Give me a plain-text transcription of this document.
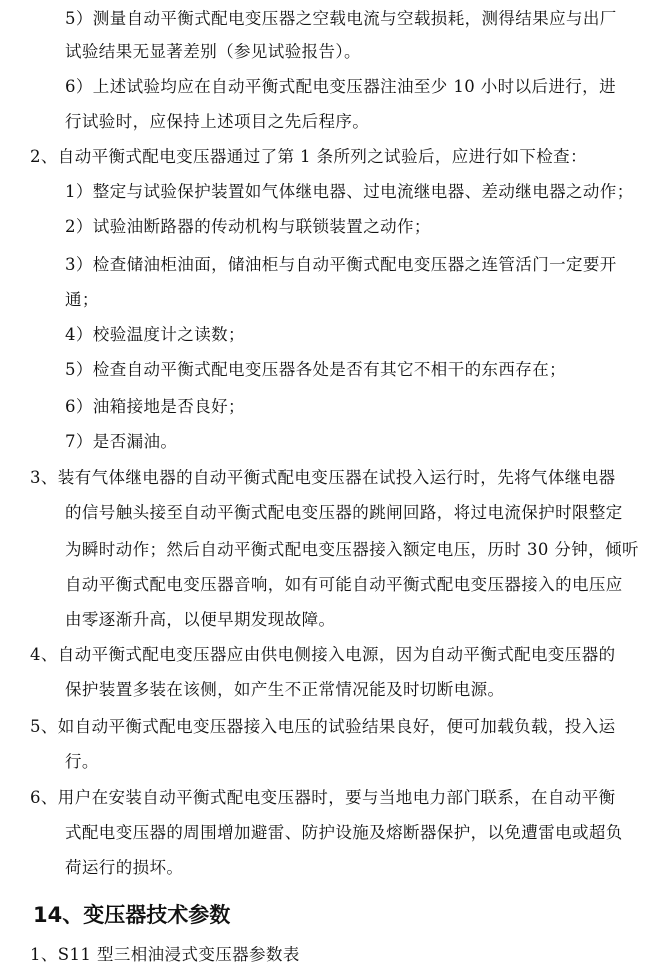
5）测量自动平衡式配电变压器之空载电流与空载损耗，测得结果应与出厂
试验结果无显著差别（参见试验报告）。
6）上述试验均应在自动平衡式配电变压器注油至少 10 小时以后进行，进
行试验时，应保持上述项目之先后程序。
2、自动平衡式配电变压器通过了第 1 条所列之试验后，应进行如下检查：
1）整定与试验保护装置如气体继电器、过电流继电器、差动继电器之动作；
2）试验油断路器的传动机构与联锁装置之动作；
3）检查储油柜油面，储油柜与自动平衡式配电变压器之连管活门一定要开
通；
4）校验温度计之读数；
5）检查自动平衡式配电变压器各处是否有其它不相干的东西存在；
6）油箱接地是否良好；
7）是否漏油。
3、装有气体继电器的自动平衡式配电变压器在试投入运行时，先将气体继电器
的信号触头接至自动平衡式配电变压器的跳闸回路，将过电流保护时限整定
为瞬时动作；然后自动平衡式配电变压器接入额定电压，历时 30 分钟，倾听
自动平衡式配电变压器音响，如有可能自动平衡式配电变压器接入的电压应
由零逐渐升高，以便早期发现故障。
4、自动平衡式配电变压器应由供电侧接入电源，因为自动平衡式配电变压器的
保护装置多装在该侧，如产生不正常情况能及时切断电源。
5、如自动平衡式配电变压器接入电压的试验结果良好，便可加载负载，投入运
行。
6、用户在安装自动平衡式配电变压器时，要与当地电力部门联系，在自动平衡
式配电变压器的周围增加避雷、防护设施及熔断器保护，以免遭雷电或超负
荷运行的损坏。
14、变压器技术参数
1、S11 型三相油浸式变压器参数表
